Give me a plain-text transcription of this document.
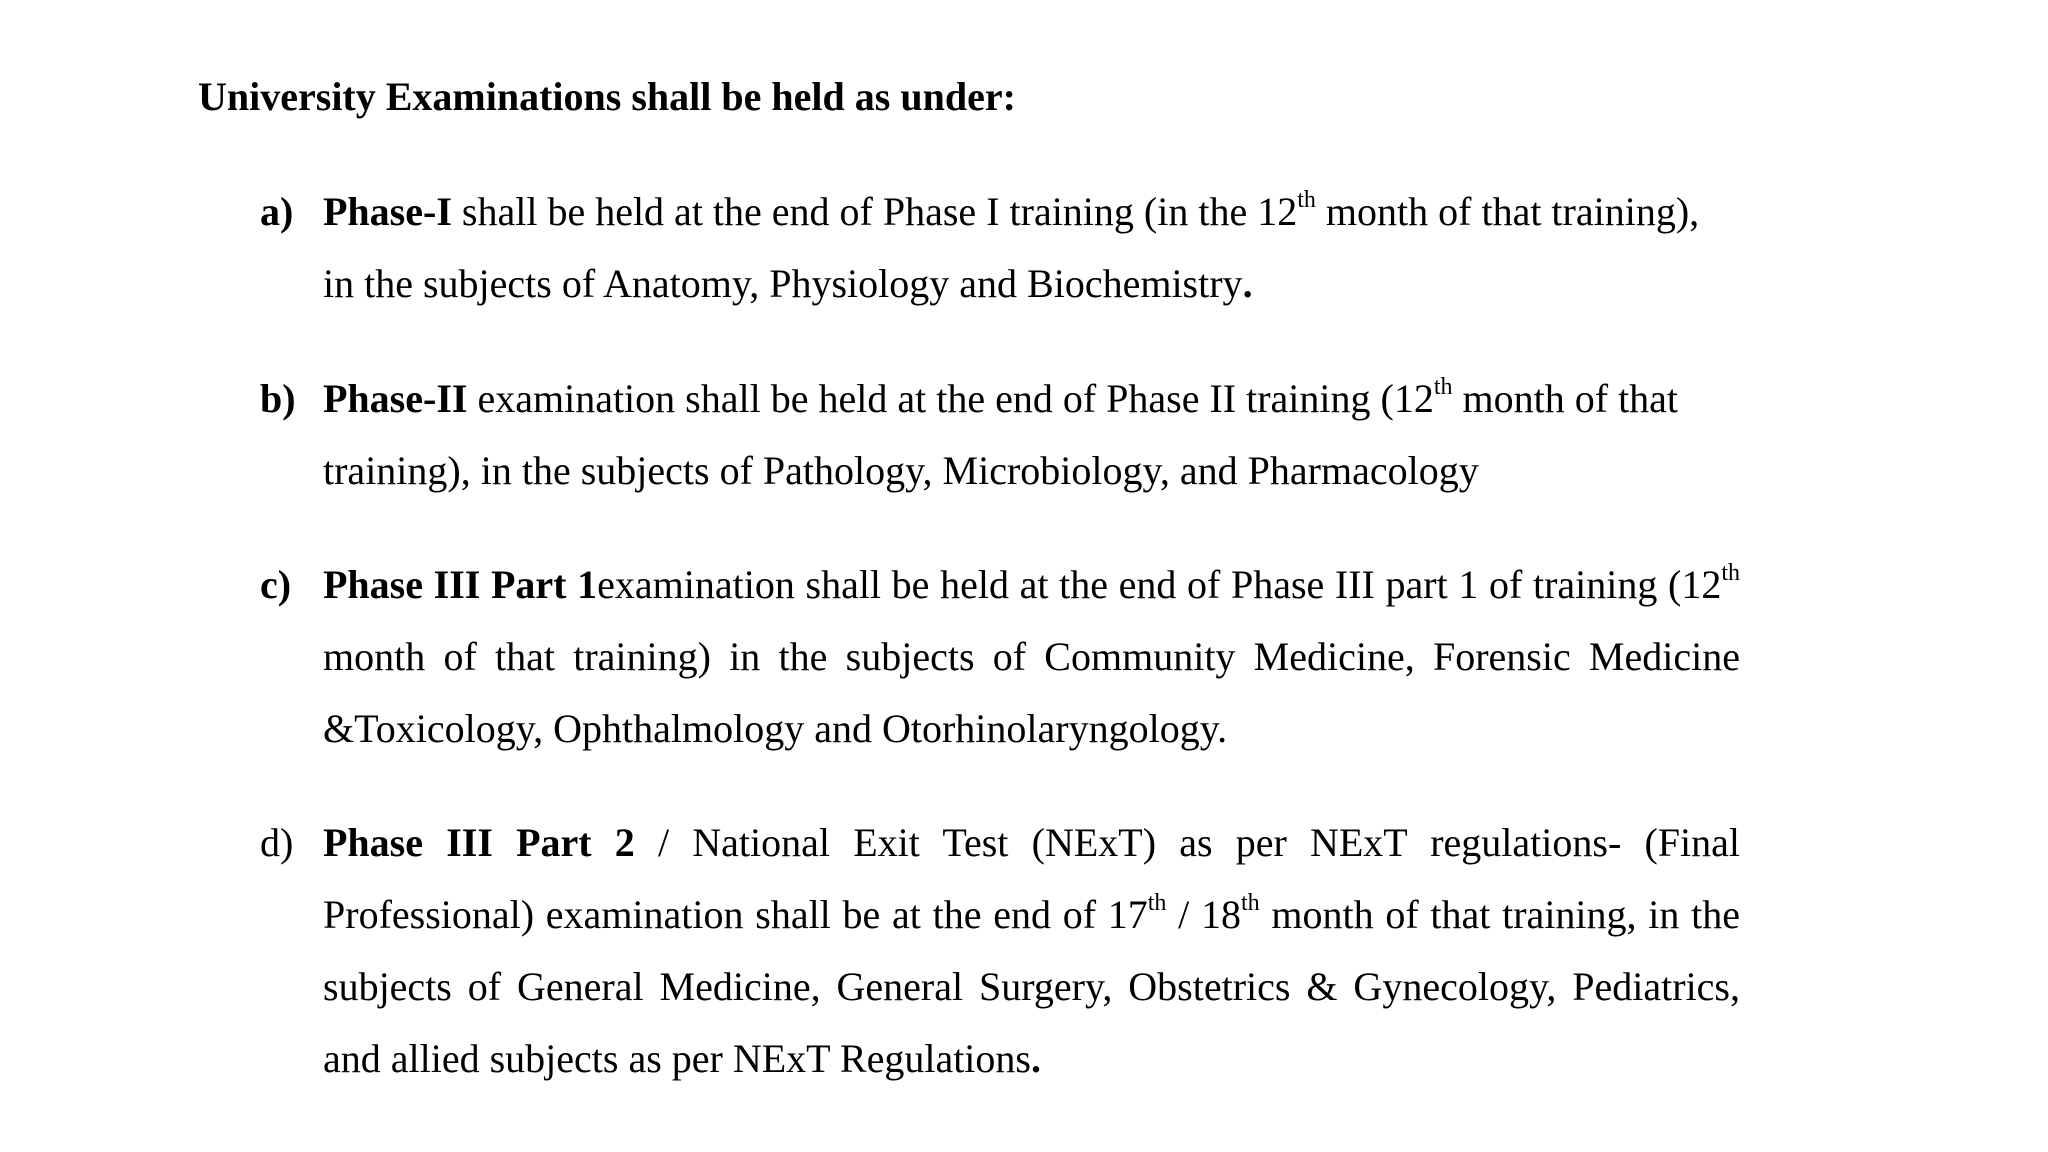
University Examinations shall be held as under:
a) Phase-I shall be held at the end of Phase I training (in the 12th month of that training), in the subjects of Anatomy, Physiology and Biochemistry.
b) Phase-II examination shall be held at the end of Phase II training (12th month of that training), in the subjects of Pathology, Microbiology, and Pharmacology
c) Phase III Part 1examination shall be held at the end of Phase III part 1 of training (12th month of that training) in the subjects of Community Medicine, Forensic Medicine &Toxicology, Ophthalmology and Otorhinolaryngology.
d) Phase III Part 2 / National Exit Test (NExT) as per NExT regulations- (Final Professional) examination shall be at the end of 17th / 18th month of that training, in the subjects of General Medicine, General Surgery, Obstetrics & Gynecology, Pediatrics, and allied subjects as per NExT Regulations.
